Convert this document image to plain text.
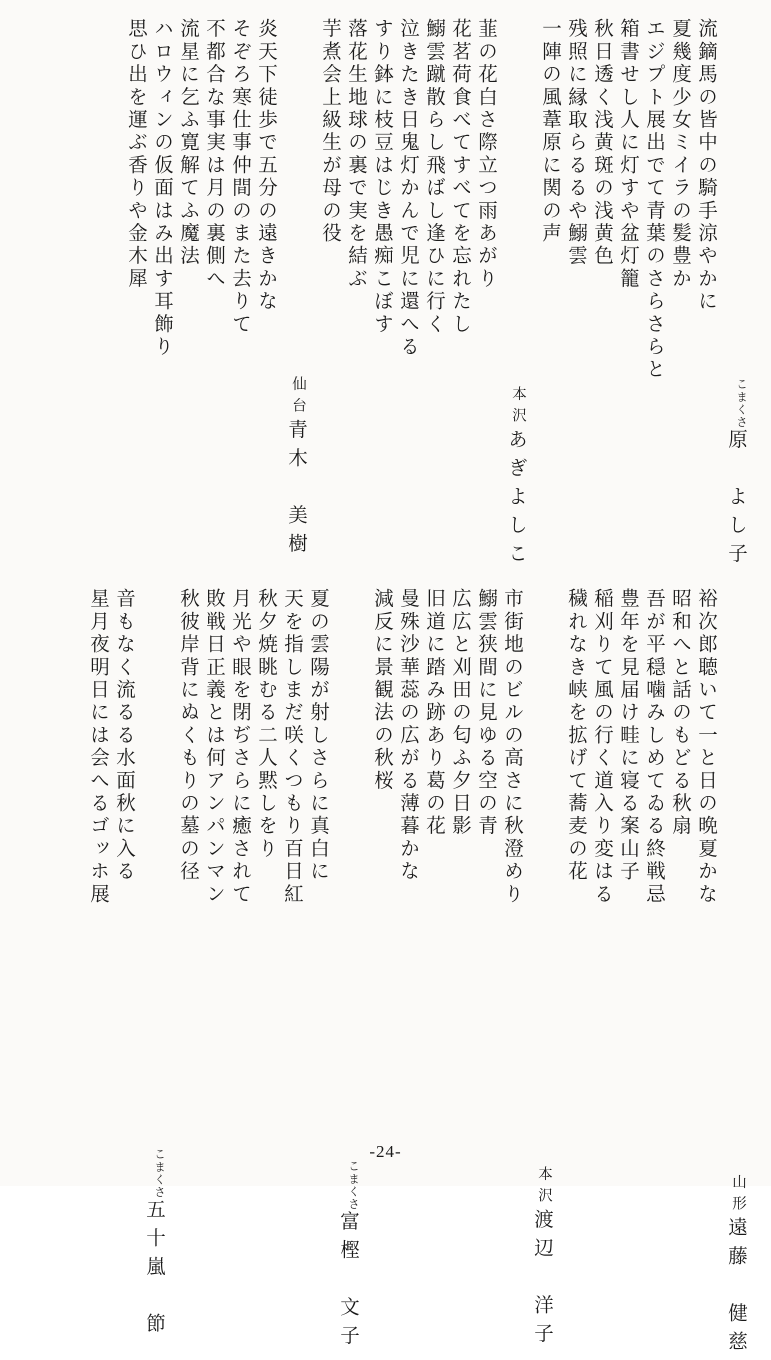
原　よし子
こまくさ
流鏑馬の皆中の騎手涼やかに
夏幾度少女ミイラの髪豊か
エジプト展出でて青葉のさらさらと
箱書せし人に灯すや盆灯籠
秋日透く浅黄斑の浅黄色
残照に縁取らるるや鰯雲
一陣の風葦原に関の声
あぎよしこ
本沢
韮の花白さ際立つ雨あがり
花茗荷食べてすべてを忘れたし
鰯雲蹴散らし飛ばし逢ひに行く
泣きたき日鬼灯かんで児に還へる
すり鉢に枝豆はじき愚痴こぼす
落花生地球の裏で実を結ぶ
芋煮会上級生が母の役
青木　美樹
仙台
炎天下徒歩で五分の遠きかな
そぞろ寒仕事仲間のまた去りて
不都合な事実は月の裏側へ
流星に乞ふ寛解てふ魔法
ハロウィンの仮面はみ出す耳飾り
思ひ出を運ぶ香りや金木犀
遠藤　健慈
山形
裕次郎聴いて一と日の晩夏かな
昭和へと話のもどる秋扇
吾が平穏噛みしめてゐる終戦忌
豊年を見届け畦に寝る案山子
稲刈りて風の行く道入り変はる
穢れなき峡を拡げて蕎麦の花
渡辺　洋子
本沢
市街地のビルの高さに秋澄めり
鰯雲狭間に見ゆる空の青
広広と刈田の匂ふ夕日影
旧道に踏み跡あり葛の花
曼殊沙華蕊の広がる薄暮かな
減反に景観法の秋桜
富樫　文子
こまくさ
夏の雲陽が射しさらに真白に
天を指しまだ咲くつもり百日紅
秋夕焼眺むる二人黙しをり
月光や眼を閉ぢさらに癒されて
敗戦日正義とは何アンパンマン
秋彼岸背にぬくもりの墓の径
五十嵐　節
こまくさ
音もなく流るる水面秋に入る
星月夜明日には会へるゴッホ展
-24-
